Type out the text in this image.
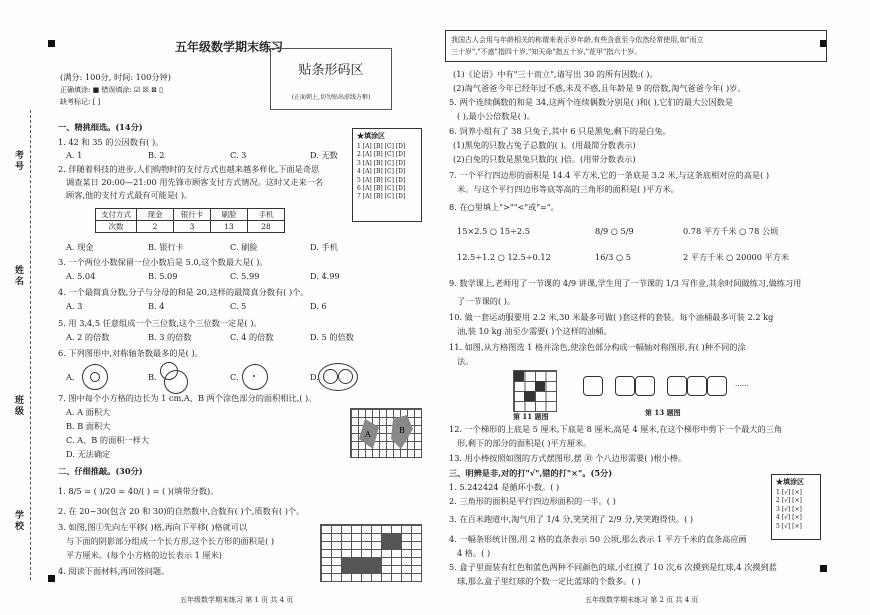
考号
姓名
班级
学校
五年级数学期末练习
(满分: 100分, 时间: 100分钟)
正确填涂: ■ 错误填涂: ☑ ☒ ⊠ ▯
缺考标记: [ ]
贴条形码区
(正面朝上,切勿贴出虚线方框)
★填涂区
1 [A] [B] [C] [D]
2 [A] [B] [C] [D]
3 [A] [B] [C] [D]
4 [A] [B] [C] [D]
5 [A] [B] [C] [D]
6 [A] [B] [C] [D]
7 [A] [B] [C] [D]
一、精挑细选。(14分)
1. 42 和 35 的公因数有( )。
A. 1	B. 2	C. 3	D. 无数
2. 伴随着科技的进步,人们购物时的支付方式也越来越多样化,下面是奇思
调查某日 20:00—21:00 用先锋市顾客支付方式情况。这时又走来一名
顾客,他的支付方式最有可能是( )。
支付方式	现金	银行卡	刷脸	手机
次数	2	3	13	28
A. 现金	B. 银行卡	C. 刷脸	D. 手机
3. 一个两位小数保留一位小数后是 5.0,这个数最大是( )。
A. 5.04	B. 5.09	C. 5.99	D. 4.99
4. 一个最简真分数,分子与分母的和是 20,这样的最简真分数有( )个。
A. 3	B. 4	C. 5	D. 6
5. 用 3,4,5 任意组成一个三位数,这个三位数一定是( )。
A. 2 的倍数	B. 3 的倍数	C. 4 的倍数	D. 5 的倍数
6. 下列图形中,对称轴条数最多的是( )。
A.	B.	C.	D.
7. 图中每个小方格的边长为 1 cm,A、B 两个涂色部分的面积相比,( )。
A. A 面积大
B. B 面积大
C. A、B 的面积一样大
D. 无法确定
A	B
二、仔细推敲。(30分)
1. 8/5 = ( )/20 = 40/( ) = ( )(填带分数)。
2. 在 20~30(包含 20 和 30)的自然数中,合数有( )个,质数有( )个。
3. 如图,图①先向左平移( )格,再向下平移( )格就可以
与下面的阴影部分组成一个长方形,这个长方形的面积是( )
平方厘米。(每个小方格的边长表示 1 厘米)
4. 阅读下面材料,再回答问题。
五年级数学期末练习 第 1 页 共 4 页
我国古人会用与年龄相关的称谓来表示岁年龄,有些含意至今依然经常使用,如"而立
三十岁","不惑"指四十岁,"知天命"指五十岁,"花甲"指六十岁。
(1)《论语》中有"三十而立",请写出 30 的所有因数:( )。
(2)淘气爸爸今年已经年过不惑,未及不惑,且年龄是 9 的倍数,淘气爸爸今年( )岁。
5. 两个连续偶数的和是 34,这两个连续偶数分别是( )和( ),它们的最大公因数是
( ),最小公倍数是( )。
6. 饲养小组有了 38 只兔子,其中 6 只是黑兔,剩下的是白兔。
(1)黑兔的只数占兔子总数的( )。(用最简分数表示)
(2)白兔的只数是黑兔只数的( )倍。(用带分数表示)
7. 一个平行四边形的面积是 14.4 平方米,它的一条底是 3.2 米,与这条底相对应的高是( )
米。与这个平行四边形等底等高的三角形的面积是( )平方米。
8. 在○里填上">""<"或"="。
15×2.5 ○ 15÷2.5	8/9 ○ 5/9	0.78 平方千米 ○ 78 公顷
12.5÷1.2 ○ 12.5÷0.12	16/3 ○ 5	2 平方千米 ○ 20000 平方米
9. 数学课上,老师用了一节课的 4/9 讲课,学生用了一节课的 1/3 写作业,其余时间做练习,做练习用
了一节课的( )。
10. 做一套运动服要用 2.2 米,30 米最多可做( )套这样的套装。每个油桶最多可装 2.2 kg
油,装 10 kg 油至少需要( )个这样的油桶。
11. 如图,从方格图选 1 格并涂色,使涂色部分构成一幅轴对称图形,有( )种不同的涂
法。
第 11 题图
……
第 13 题图
12. 一个梯形的上底是 5 厘米,下底是 8 厘米,高是 4 厘米,在这个梯形中剪下一个最大的三角
形,剩下的部分的面积是( )平方厘米。
13. 用小棒按照如图的方式摆图形,摆 ⑩ 个八边形需要( )根小棒。
三、明辨是非,对的打"√",错的打"×"。(5分)
1. 5.242424 是循环小数。( )
2. 三角形的面积是平行四边形面积的一半。( )
3. 在百米跑道中,淘气用了 1/4 分,笑笑用了 2/9 分,笑笑跑得快。( )
4. 一幅条形统计图,用 2 格的直条表示 50 公顷,那么表示 1 平方千米的直条高应画
4 格。( )
5. 盒子里面装有红色和蓝色两种不同颜色的球,小红摸了 10 次,6 次摸到是红球,4 次摸到蓝
球,那么盒子里红球的个数一定比蓝球的个数多。( )
★填涂区
1 [√] [×]
2 [√] [×]
3 [√] [×]
4 [√] [×]
5 [√] [×]
五年级数学期末练习 第 2 页 共 4 页
